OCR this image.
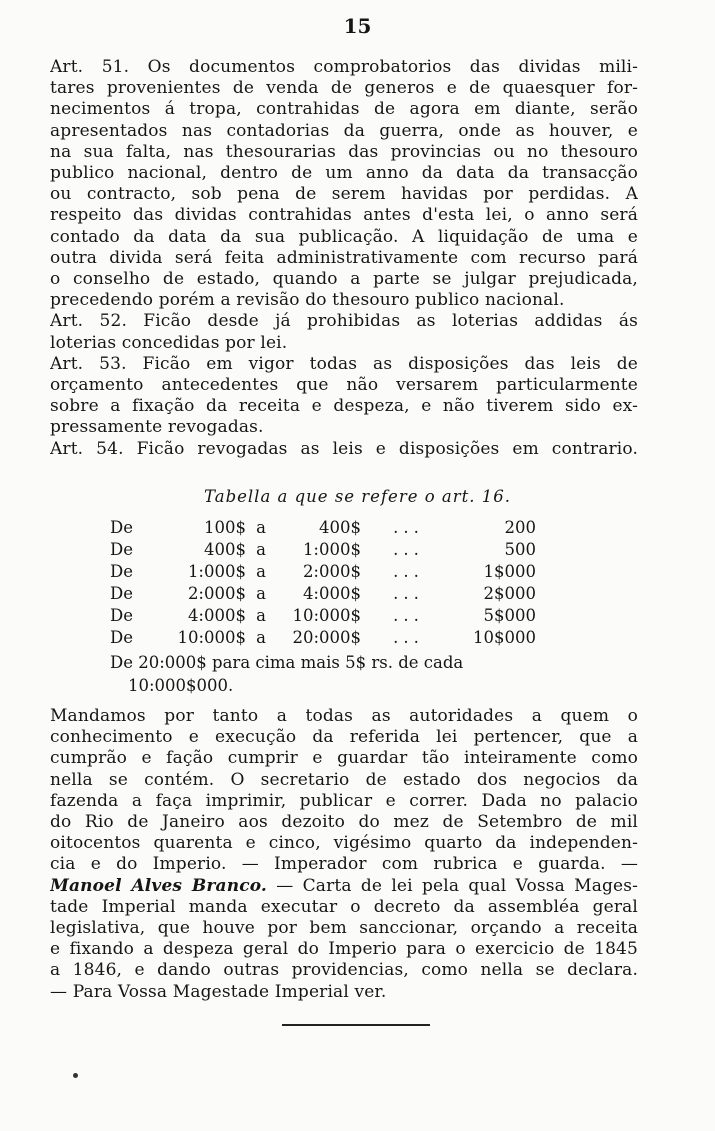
15
Art. 51. Os documentos comprobatorios das dividas mili-
tares provenientes de venda de generos e de quaesquer for-
necimentos á tropa, contrahidas de agora em diante, serão
apresentados nas contadorias da guerra, onde as houver, e
na sua falta, nas thesourarias das provincias ou no thesouro
publico nacional, dentro de um anno da data da transacção
ou contracto, sob pena de serem havidas por perdidas. A
respeito das dividas contrahidas antes d'esta lei, o anno será
contado da data da sua publicação. A liquidação de uma e
outra divida será feita administrativamente com recurso pará
o conselho de estado, quando a parte se julgar prejudicada,
precedendo porém a revisão do thesouro publico nacional.
Art. 52. Ficão desde já prohibidas as loterias addidas ás
loterias concedidas por lei.
Art. 53. Ficão em vigor todas as disposições das leis de
orçamento antecedentes que não versarem particularmente
sobre a fixação da receita e despeza, e não tiverem sido ex-
pressamente revogadas.
Art. 54. Ficão revogadas as leis e disposições em contrario.
Tabella a que se refere o art. 16.
De	100$	a	400$	...	200
De	400$	a	1:000$	...	500
De	1:000$	a	2:000$	...	1$000
De	2:000$	a	4:000$	...	2$000
De	4:000$	a	10:000$	...	5$000
De	10:000$	a	20:000$	...	10$000
De 20:000$ para cima mais 5$ rs. de cada
10:000$000.
Mandamos por tanto a todas as autoridades a quem o
conhecimento e execução da referida lei pertencer, que a
cumprão e fação cumprir e guardar tão inteiramente como
nella se contém. O secretario de estado dos negocios da
fazenda a faça imprimir, publicar e correr. Dada no palacio
do Rio de Janeiro aos dezoito do mez de Setembro de mil
oitocentos quarenta e cinco, vigésimo quarto da independen-
cia e do Imperio. — Imperador com rubrica e guarda. —
Manoel Alves Branco. — Carta de lei pela qual Vossa Mages-
tade Imperial manda executar o decreto da assembléa geral
legislativa, que houve por bem sanccionar, orçando a receita
e fixando a despeza geral do Imperio para o exercicio de 1845
a 1846, e dando outras providencias, como nella se declara.
— Para Vossa Magestade Imperial ver.
